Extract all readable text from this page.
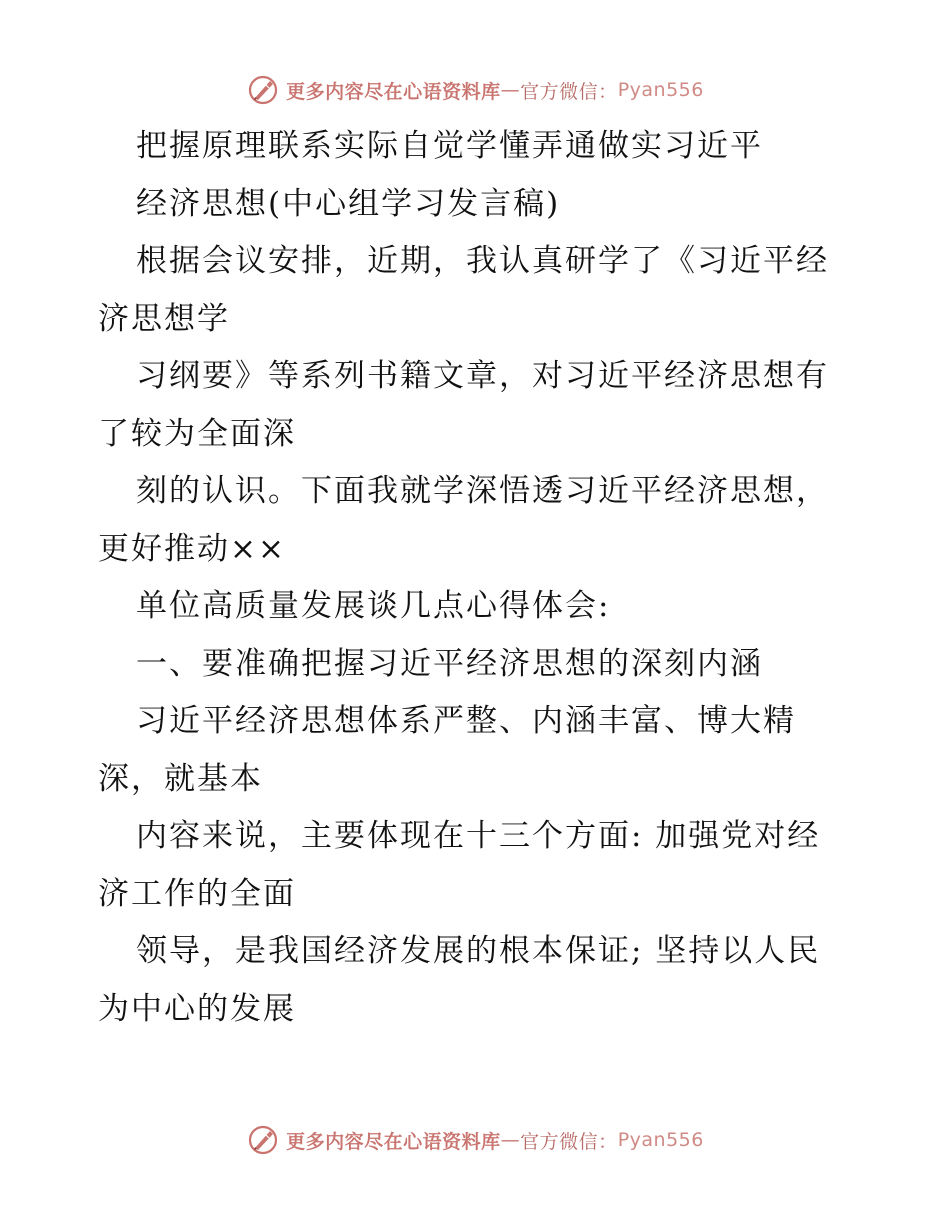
更多内容尽在心语资料库 — 官方微信： Pyan556
把握原理联系实际自觉学懂弄通做实习近平
经济思想(中心组学习发言稿)
根据会议安排，近期，我认真研学了《习近平经
济思想学
习纲要》等系列书籍文章，对习近平经济思想有
了较为全面深
刻的认识。下面我就学深悟透习近平经济思想，
更好推动××
单位高质量发展谈几点心得体会:
一、要准确把握习近平经济思想的深刻内涵
习近平经济思想体系严整、内涵丰富、博大精
深，就基本
内容来说，主要体现在十三个方面: 加强党对经
济工作的全面
领导，是我国经济发展的根本保证; 坚持以人民
为中心的发展
更多内容尽在心语资料库 — 官方微信： Pyan556
